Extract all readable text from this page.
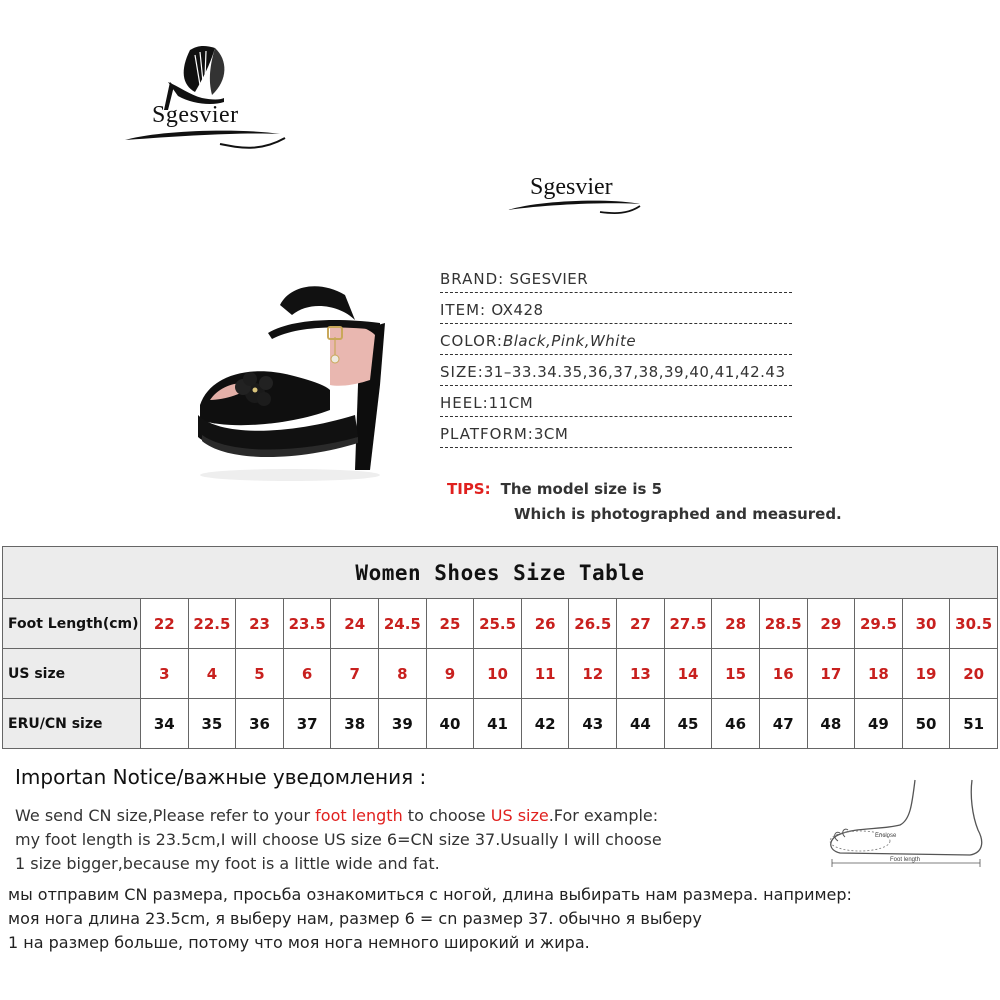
Sgesvier
Sgesvier
BRAND: SGESVIER
ITEM: OX428
COLOR:Black,Pink,White
SIZE:31–33.34.35,36,37,38,39,40,41,42.43
HEEL:11CM
PLATFORM:3CM
TIPS: The model size is 5
Which is photographed and measured.
Women Shoes Size Table																		
Foot Length(cm)	22	22.5	23	23.5	24	24.5	25	25.5	26	26.5	27	27.5	28	28.5	29	29.5	30	30.5
US size	3	4	5	6	7	8	9	10	11	12	13	14	15	16	17	18	19	20
ERU/CN size	34	35	36	37	38	39	40	41	42	43	44	45	46	47	48	49	50	51
Importan Notice/важные уведомления :
We send CN size,Please refer to your foot length to choose US size.For example:
my foot length is 23.5cm,I will choose US size 6=CN size 37.Usually I will choose
1 size bigger,because my foot is a little wide and fat.
мы отправим CN размера, просьба ознакомиться с ногой, длина выбирать нам размера. например:
моя нога длина 23.5cm, я выберу нам, размер 6 = cn размер 37. обычно я выберу
1 на размер больше, потому что моя нога немного широкий и жира.
Enclose
Foot length
